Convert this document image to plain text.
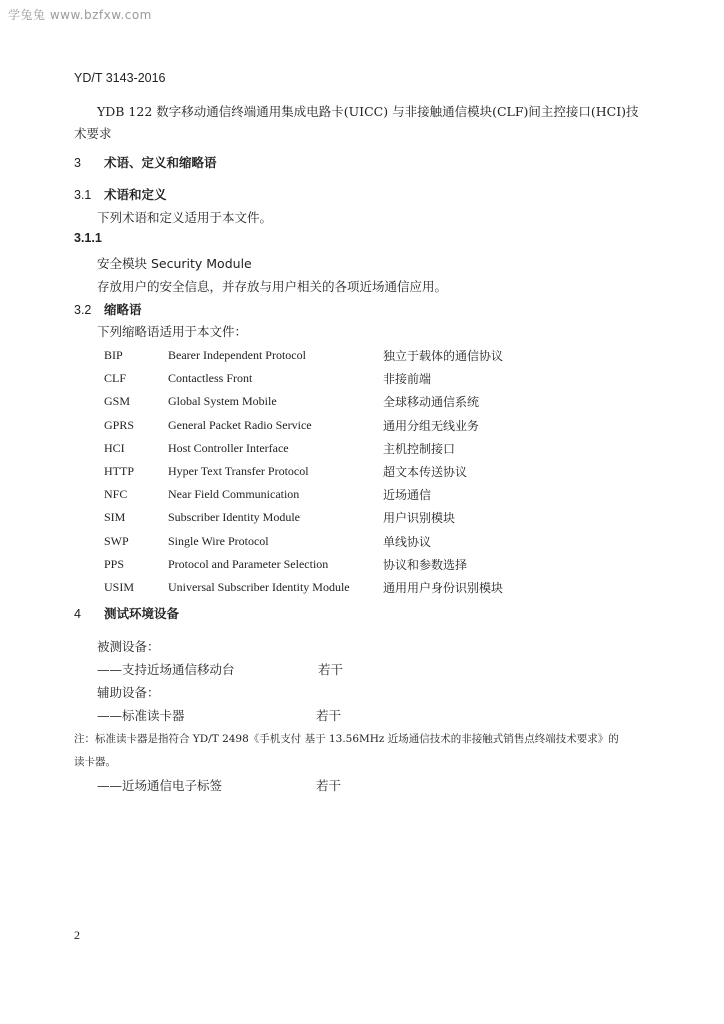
学兔兔 www.bzfxw.com
YD/T 3143-2016
YDB 122 数字移动通信终端通用集成电路卡(UICC) 与非接触通信模块(CLF)间主控接口(HCI)技
术要求
3 术语、定义和缩略语
3.1 术语和定义
下列术语和定义适用于本文件。
3.1.1
安全模块 Security Module
存放用户的安全信息，并存放与用户相关的各项近场通信应用。
3.2 缩略语
下列缩略语适用于本文件：
BIP	Bearer Independent Protocol	独立于载体的通信协议
CLF	Contactless Front	非接前端
GSM	Global System Mobile	全球移动通信系统
GPRS	General Packet Radio Service	通用分组无线业务
HCI	Host Controller Interface	主机控制接口
HTTP	Hyper Text Transfer Protocol	超文本传送协议
NFC	Near Field Communication	近场通信
SIM	Subscriber Identity Module	用户识别模块
SWP	Single Wire Protocol	单线协议
PPS	Protocol and Parameter Selection	协议和参数选择
USIM	Universal Subscriber Identity Module	通用用户身份识别模块
4 测试环境设备
被测设备：
——支持近场通信移动台	若干
辅助设备：
——标准读卡器	若干
注：标准读卡器是指符合 YD/T 2498《手机支付 基于 13.56MHz 近场通信技术的非接触式销售点终端技术要求》的
读卡器。
——近场通信电子标签	若干
2
